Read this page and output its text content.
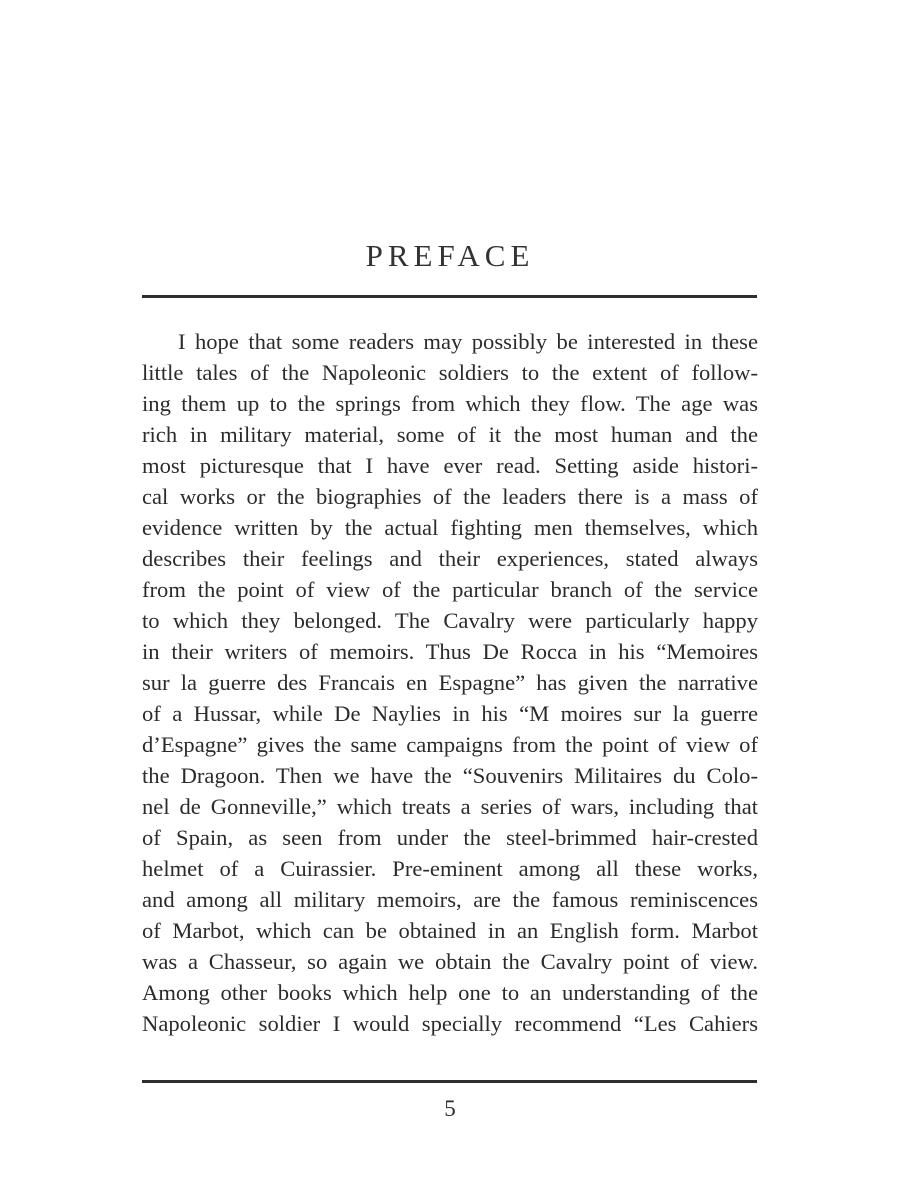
PREFACE
I hope that some readers may possibly be interested in these
little tales of the Napoleonic soldiers to the extent of follow-
ing them up to the springs from which they flow. The age was
rich in military material, some of it the most human and the
most picturesque that I have ever read. Setting aside histori-
cal works or the biographies of the leaders there is a mass of
evidence written by the actual fighting men themselves, which
describes their feelings and their experiences, stated always
from the point of view of the particular branch of the service
to which they belonged. The Cavalry were particularly happy
in their writers of memoirs. Thus De Rocca in his “Memoires
sur la guerre des Francais en Espagne” has given the narrative
of a Hussar, while De Naylies in his “M moires sur la guerre
d’Espagne” gives the same campaigns from the point of view of
the Dragoon. Then we have the “Souvenirs Militaires du Colo-
nel de Gonneville,” which treats a series of wars, including that
of Spain, as seen from under the steel-brimmed hair-crested
helmet of a Cuirassier. Pre-eminent among all these works,
and among all military memoirs, are the famous reminiscences
of Marbot, which can be obtained in an English form. Marbot
was a Chasseur, so again we obtain the Cavalry point of view.
Among other books which help one to an understanding of the
Napoleonic soldier I would specially recommend “Les Cahiers
5
